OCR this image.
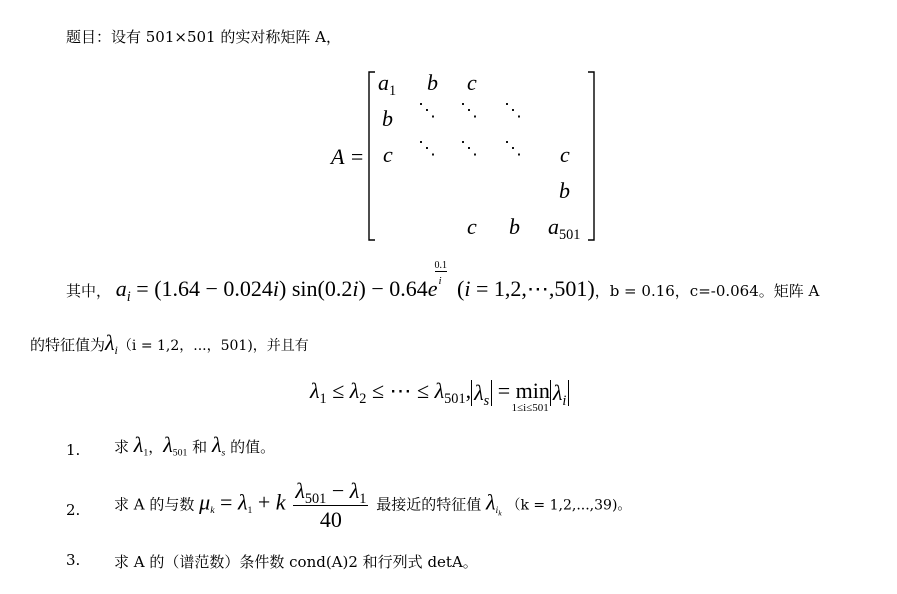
题目：设有 501×501 的实对称矩阵 A，
A =
$a_1$ b c
b ⋱ ⋱ ⋱
c ⋱ ⋱ ⋱ c
b
c b $a_{501}$
其中， $a_i = (1.64 - 0.024i) \sin(0.2i) - 0.64e \frac{0.1}{i} (i$ = 1,2,⋯,501)，b = 0.16，c=-0.064。矩阵 A
的特征值为$\lambda_i(i = 1,2$，...，501)，并且有
$\lambda_1 \le \lambda_2$ ≤ ⋯ ≤ $\lambda_{501}$, $\lambda_s = \min$
1≤i≤501
$\lambda_i$
1. 求 $\lambda_1$，$\lambda_{501}$ 和 $\lambda_s$ 的值。
2. 求 A 的与数 $\mu_k = \lambda_1 + k \frac{\lambda_{501} - \lambda_1}{40}$ 最接近的特征值 $\lambda_{i_k}$ （k = 1,2,...,39)。
3. 求 A 的（谱范数）条件数 cond(A)2 和行列式 detA。
